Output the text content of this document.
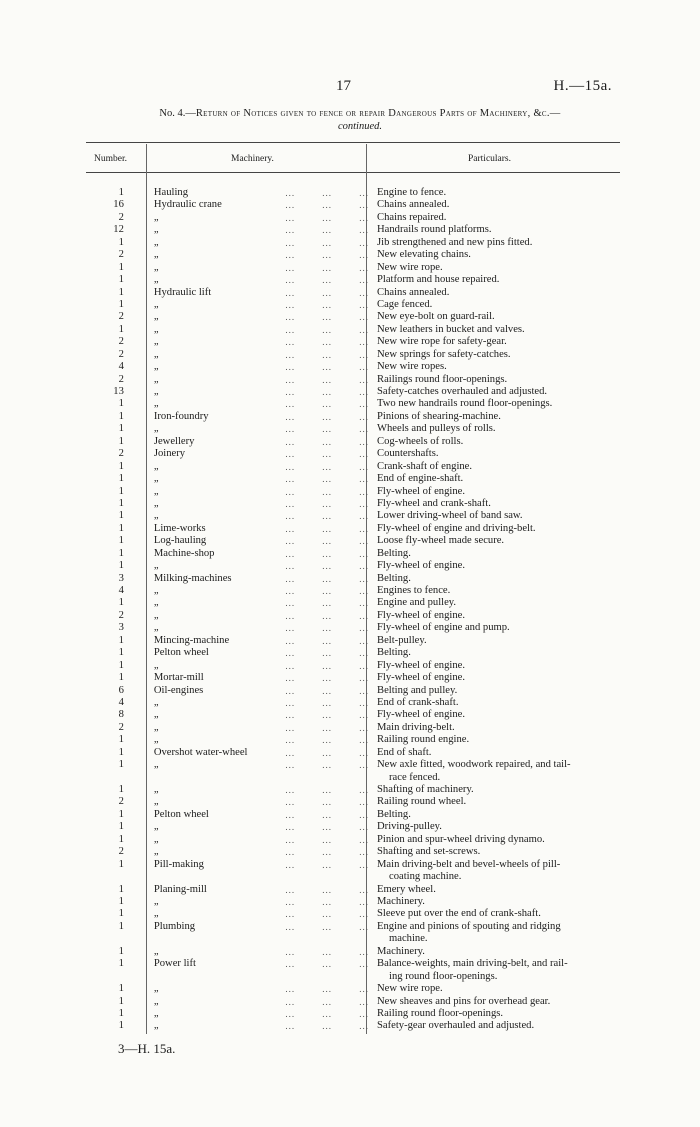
17	H.—15a.
No. 4.—Return of Notices given to fence or repair Dangerous Parts of Machinery, &c.—
continued.
Number.	Machinery.	Particulars.
1	Hauling	...	...	... Engine to fence.
16	Hydraulic crane	...	...	... Chains annealed.
2	„	...	...	... Chains repaired.
12	„	...	...	... Handrails round platforms.
1	„	...	...	... Jib strengthened and new pins fitted.
2	„	...	...	... New elevating chains.
1	„	...	...	... New wire rope.
1	„	...	...	... Platform and house repaired.
1	Hydraulic lift	...	...	... Chains annealed.
1	„	...	...	... Cage fenced.
2	„	...	...	... New eye-bolt on guard-rail.
1	„	...	...	... New leathers in bucket and valves.
2	„	...	...	... New wire rope for safety-gear.
2	„	...	...	... New springs for safety-catches.
4	„	...	...	... New wire ropes.
2	„	...	...	... Railings round floor-openings.
13	„	...	...	... Safety-catches overhauled and adjusted.
1	„	...	...	... Two new handrails round floor-openings.
1	Iron-foundry	...	...	... Pinions of shearing-machine.
1	„	...	...	... Wheels and pulleys of rolls.
1	Jewellery	...	...	... Cog-wheels of rolls.
2	Joinery	...	...	... Countershafts.
1	„	...	...	... Crank-shaft of engine.
1	„	...	...	... End of engine-shaft.
1	„	...	...	... Fly-wheel of engine.
1	„	...	...	... Fly-wheel and crank-shaft.
1	„	...	...	... Lower driving-wheel of band saw.
1	Lime-works	...	...	... Fly-wheel of engine and driving-belt.
1	Log-hauling	...	...	... Loose fly-wheel made secure.
1	Machine-shop	...	...	... Belting.
1	„	...	...	... Fly-wheel of engine.
3	Milking-machines	...	...	... Belting.
4	„	...	...	... Engines to fence.
1	„	...	...	... Engine and pulley.
2	„	...	...	... Fly-wheel of engine.
3	„	...	...	... Fly-wheel of engine and pump.
1	Mincing-machine	...	...	... Belt-pulley.
1	Pelton wheel	...	...	... Belting.
1	„	...	...	... Fly-wheel of engine.
1	Mortar-mill	...	...	... Fly-wheel of engine.
6	Oil-engines	...	...	... Belting and pulley.
4	„	...	...	... End of crank-shaft.
8	„	...	...	... Fly-wheel of engine.
2	„	...	...	... Main driving-belt.
1	„	...	...	... Railing round engine.
1	Overshot water-wheel	...	...	... End of shaft.
1	„	...	...	... New axle fitted, woodwork repaired, and tail-
race fenced.
1	„	...	...	... Shafting of machinery.
2	„	...	...	... Railing round wheel.
1	Pelton wheel	...	...	... Belting.
1	„	...	...	... Driving-pulley.
1	„	...	...	... Pinion and spur-wheel driving dynamo.
2	„	...	...	... Shafting and set-screws.
1	Pill-making	...	...	... Main driving-belt and bevel-wheels of pill-
coating machine.
1	Planing-mill	...	...	... Emery wheel.
1	„	...	...	... Machinery.
1	„	...	...	... Sleeve put over the end of crank-shaft.
1	Plumbing	...	...	... Engine and pinions of spouting and ridging
machine.
1	„	...	...	... Machinery.
1	Power lift	...	...	... Balance-weights, main driving-belt, and rail-
ing round floor-openings.
1	„	...	...	... New wire rope.
1	„	...	...	... New sheaves and pins for overhead gear.
1	„	...	...	... Railing round floor-openings.
1	„	...	...	... Safety-gear overhauled and adjusted.
3—H. 15a.
